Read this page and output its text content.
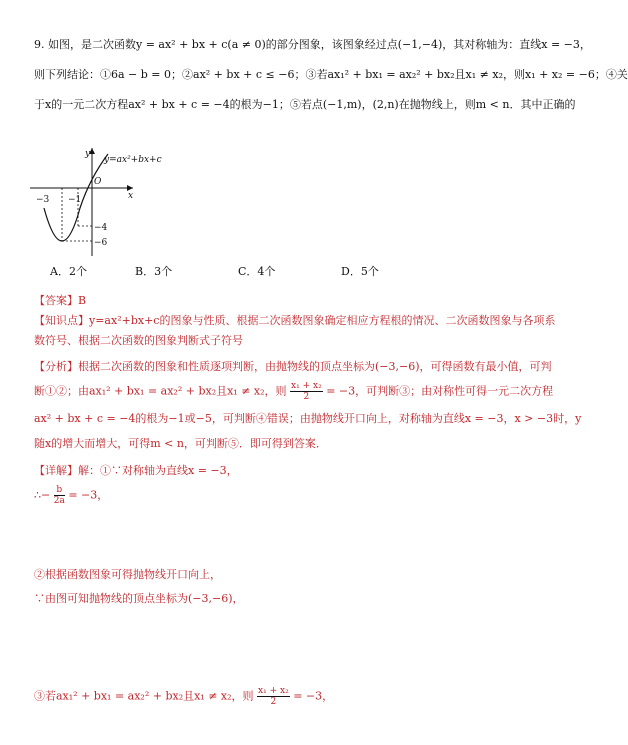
9. 如图，是二次函数y = ax² + bx + c(a ≠ 0)的部分图象，该图象经过点(−1,−4)，其对称轴为：直线x = −3，
则下列结论：①6a − b = 0；②ax² + bx + c ≤ −6；③若ax₁² + bx₁ = ax₂² + bx₂且x₁ ≠ x₂，则x₁ + x₂ = −6；④关
于x的一元二次方程ax² + bx + c = −4的根为−1；⑤若点(−1,m)，(2,n)在抛物线上，则m < n．其中正确的
−3 −1
−4
−6
O
x
y
y=ax²+bx+c
A．2个	B．3个	C．4个	D．5个
【答案】B
【知识点】y=ax²+bx+c的图象与性质、根据二次函数图象确定相应方程根的情况、二次函数图象与各项系
数符号、根据二次函数的图象判断式子符号
【分析】根据二次函数的图象和性质逐项判断，由抛物线的顶点坐标为(−3,−6)，可得函数有最小值，可判
断①②；由ax₁² + bx₁ = ax₂² + bx₂且x₁ ≠ x₂，则 $\frac{\text{x₁ + x₂}}{2} = -3$，可判断③；由对称性可得一元二次方程
ax² + bx + c = −4的根为−1或−5，可判断④错误；由抛物线开口向上，对称轴为直线x = −3，x > −3时，y
随x的增大而增大，可得m < n，可判断⑤．即可得到答案．
【详解】解：①∵对称轴为直线x = −3，
∴− $\frac{b}{2a} = -3$，
②根据函数图象可得抛物线开口向上，
∵由图可知抛物线的顶点坐标为(−3,−6)，
③若ax₁² + bx₁ = ax₂² + bx₂且x₁ ≠ x₂，则 $\frac{\text{x₁ + x₂}}{2} = -3$，
